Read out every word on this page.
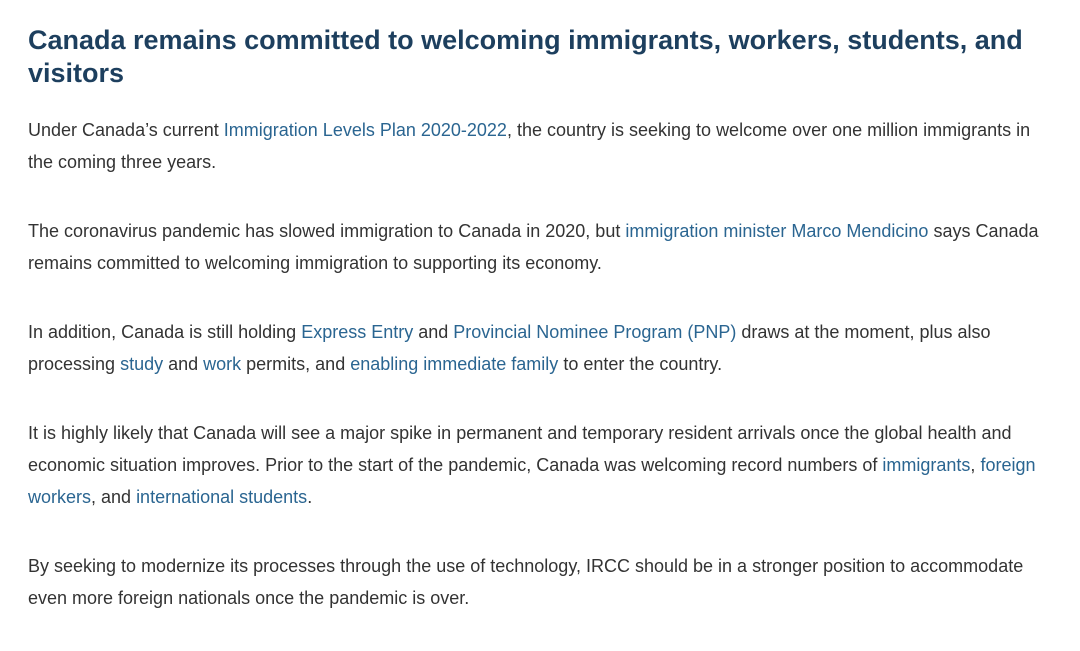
Canada remains committed to welcoming immigrants, workers, students, and visitors

Under Canada’s current Immigration Levels Plan 2020-2022, the country is seeking to welcome over one million immigrants in the coming three years.

The coronavirus pandemic has slowed immigration to Canada in 2020, but immigration minister Marco Mendicino says Canada remains committed to welcoming immigration to supporting its economy.

In addition, Canada is still holding Express Entry and Provincial Nominee Program (PNP) draws at the moment, plus also processing study and work permits, and enabling immediate family to enter the country.

It is highly likely that Canada will see a major spike in permanent and temporary resident arrivals once the global health and economic situation improves. Prior to the start of the pandemic, Canada was welcoming record numbers of immigrants, foreign workers, and international students.

By seeking to modernize its processes through the use of technology, IRCC should be in a stronger position to accommodate even more foreign nationals once the pandemic is over.
